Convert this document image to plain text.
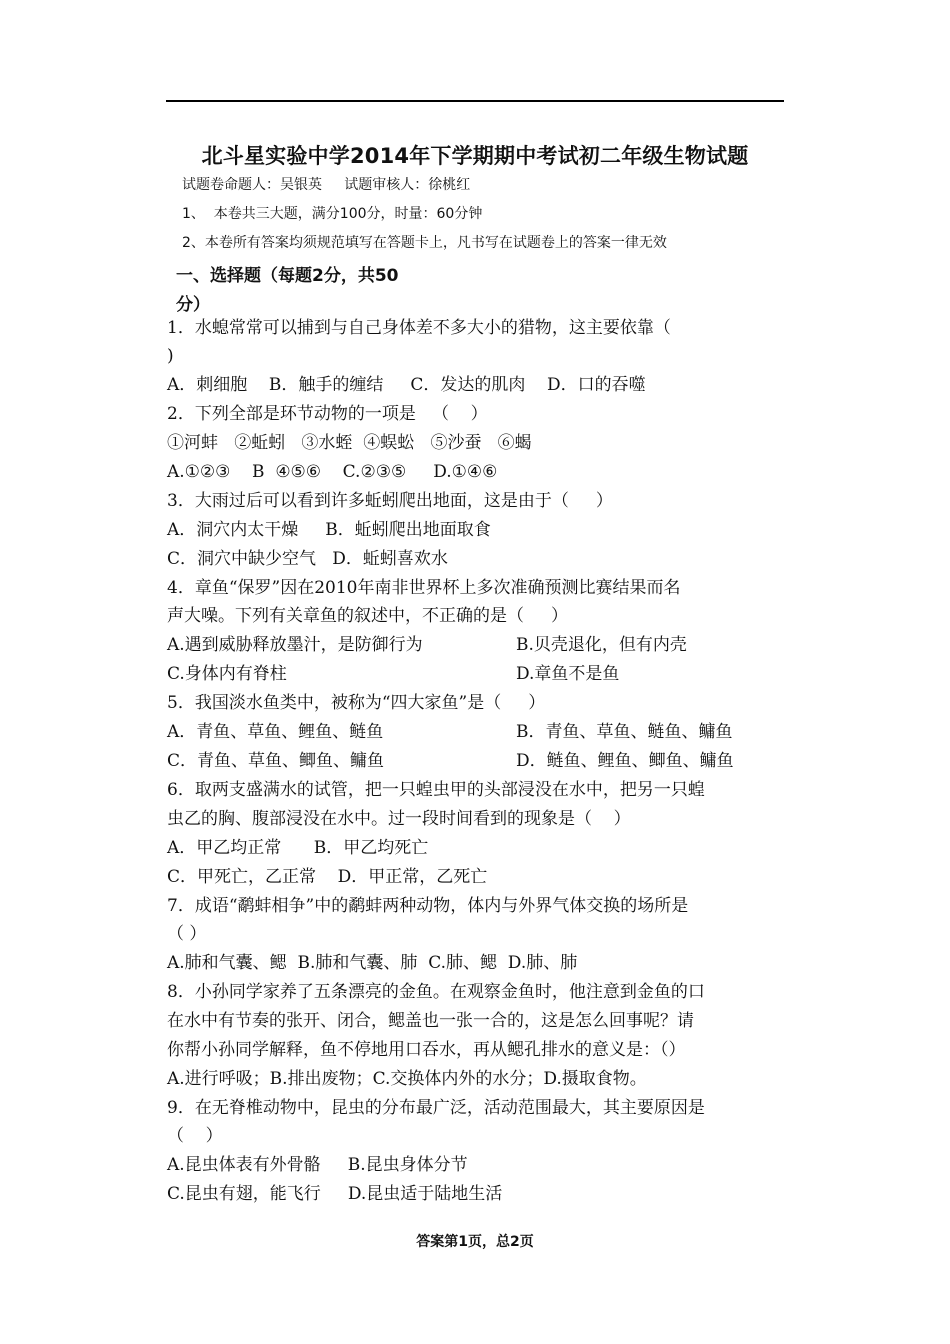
北斗星实验中学2014年下学期期中考试初二年级生物试题
试题卷命题人：吴银英     试题审核人：徐桃红
1、  本卷共三大题，满分100分，时量：60分钟
2、本卷所有答案均须规范填写在答题卡上，凡书写在试题卷上的答案一律无效
一、选择题（每题2分，共50
分）
1．水螅常常可以捕到与自己身体差不多大小的猎物，这主要依靠（
)
A．刺细胞    B．触手的缠结     C．发达的肌肉    D．口的吞噬
2．下列全部是环节动物的一项是   （    ）
①河蚌   ②蚯蚓   ③水蛭  ④蜈蚣   ⑤沙蚕   ⑥蝎
A.①②③    B  ④⑤⑥    C.②③⑤     D.①④⑥
3．大雨过后可以看到许多蚯蚓爬出地面，这是由于（     ）
A．洞穴内太干燥     B．蚯蚓爬出地面取食
C．洞穴中缺少空气   D．蚯蚓喜欢水
4．章鱼“保罗”因在2010年南非世界杯上多次准确预测比赛结果而名
声大噪。下列有关章鱼的叙述中，不正确的是（     ）
A.遇到威胁释放墨汁，是防御行为	B.贝壳退化，但有内壳
C.身体内有脊柱	D.章鱼不是鱼
5．我国淡水鱼类中，被称为“四大家鱼”是（     ）
A．青鱼、草鱼、鲤鱼、鲢鱼	B．青鱼、草鱼、鲢鱼、鳙鱼
C．青鱼、草鱼、鲫鱼、鳙鱼	D．鲢鱼、鲤鱼、鲫鱼、鳙鱼
6．取两支盛满水的试管，把一只蝗虫甲的头部浸没在水中，把另一只蝗
虫乙的胸、腹部浸没在水中。过一段时间看到的现象是（    ）
A．甲乙均正常      B．甲乙均死亡
C．甲死亡，乙正常    D．甲正常，乙死亡
7．成语“鹬蚌相争”中的鹬蚌两种动物，体内与外界气体交换的场所是
（ ）
A.肺和气囊、鳃  B.肺和气囊、肺  C.肺、鳃  D.肺、肺
8．小孙同学家养了五条漂亮的金鱼。在观察金鱼时，他注意到金鱼的口
在水中有节奏的张开、闭合，鳃盖也一张一合的，这是怎么回事呢？请
你帮小孙同学解释，鱼不停地用口吞水，再从鳃孔排水的意义是：（）
A.进行呼吸；B.排出废物；C.交换体内外的水分；D.摄取食物。
9．在无脊椎动物中，昆虫的分布最广泛，活动范围最大，其主要原因是
（    ）
A.昆虫体表有外骨骼     B.昆虫身体分节
C.昆虫有翅，能飞行     D.昆虫适于陆地生活
答案第1页，总2页
